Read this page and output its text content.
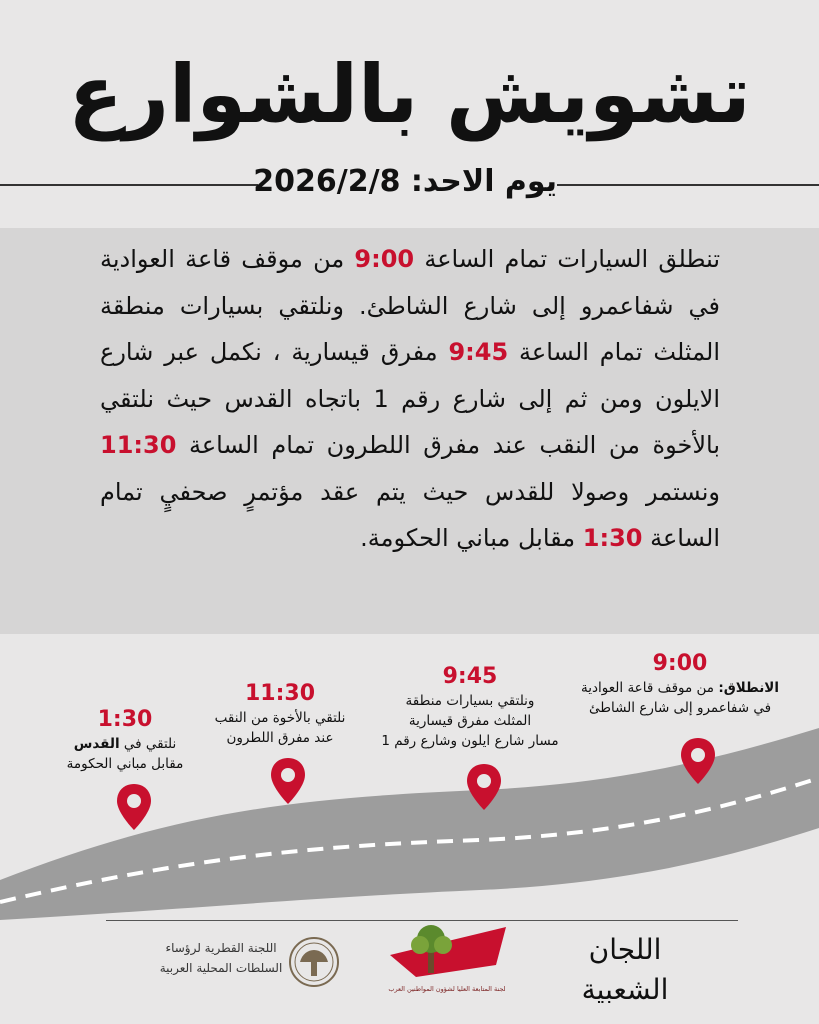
تشويش بالشوارع
يوم الاحد: 2026/2/8

تنطلق السيارات تمام الساعة 9:00 من موقف قاعة العوادية في شفاعمرو إلى شارع الشاطئ. ونلتقي بسيارات منطقة المثلث تمام الساعة 9:45 مفرق قيسارية ، نكمل عبر شارع الايلون ومن ثم إلى شارع رقم 1 باتجاه القدس حيث نلتقي بالأخوة من النقب عند مفرق اللطرون تمام الساعة 11:30 ونستمر وصولا للقدس حيث يتم عقد مؤتمرٍ صحفيٍ تمام الساعة 1:30 مقابل مباني الحكومة.

9:00
الانطلاق: من موقف قاعة العوادية
في شفاعمرو إلى شارع الشاطئ
9:45
ونلتقي بسيارات منطقة
المثلث مفرق قيسارية
مسار شارع ايلون وشارع رقم 1
11:30
نلتقي بالأخوة من النقب
عند مفرق اللطرون
1:30
نلتقي في القدس
مقابل مباني الحكومة
اللجان
الشعبية
لجنة المتابعة العليا لشؤون المواطنين العرب
اللجنة القطرية لرؤساء
السلطات المحلية العربية
